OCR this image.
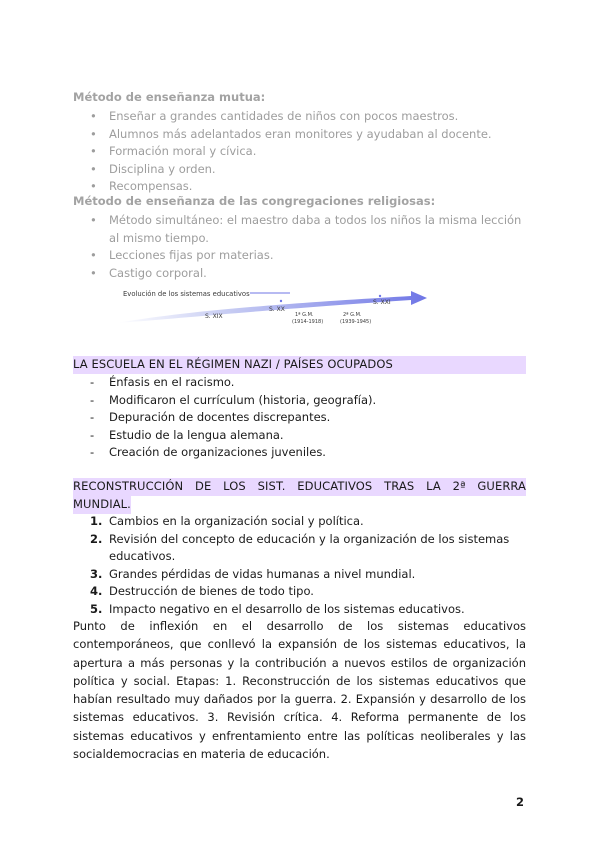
Método de enseñanza mutua:
• Enseñar a grandes cantidades de niños con pocos maestros.
• Alumnos más adelantados eran monitores y ayudaban al docente.
• Formación moral y cívica.
• Disciplina y orden.
• Recompensas.
Método de enseñanza de las congregaciones religiosas:
• Método simultáneo: el maestro daba a todos los niños la misma lección al mismo tiempo.
• Lecciones fijas por materias.
• Castigo corporal.
Evolución de los sistemas educativos
S. XIX
S. XX
1ª G.M.
(1914-1918)
2ª G.M.
(1939-1945)
S. XXI
LA ESCUELA EN EL RÉGIMEN NAZI / PAÍSES OCUPADOS
- Énfasis en el racismo.
- Modificaron el currículum (historia, geografía).
- Depuración de docentes discrepantes.
- Estudio de la lengua alemana.
- Creación de organizaciones juveniles.
RECONSTRUCCIÓN DE LOS SIST. EDUCATIVOS TRAS LA 2ª GUERRA
MUNDIAL.
1. Cambios en la organización social y política.
2. Revisión del concepto de educación y la organización de los sistemas educativos.
3. Grandes pérdidas de vidas humanas a nivel mundial.
4. Destrucción de bienes de todo tipo.
5. Impacto negativo en el desarrollo de los sistemas educativos.
Punto de inflexión en el desarrollo de los sistemas educativos contemporáneos, que conllevó la expansión de los sistemas educativos, la apertura a más personas y la contribución a nuevos estilos de organización política y social. Etapas: 1. Reconstrucción de los sistemas educativos que habían resultado muy dañados por la guerra. 2. Expansión y desarrollo de los sistemas educativos. 3. Revisión crítica. 4. Reforma permanente de los sistemas educativos y enfrentamiento entre las políticas neoliberales y las socialdemocracias en materia de educación.
2
